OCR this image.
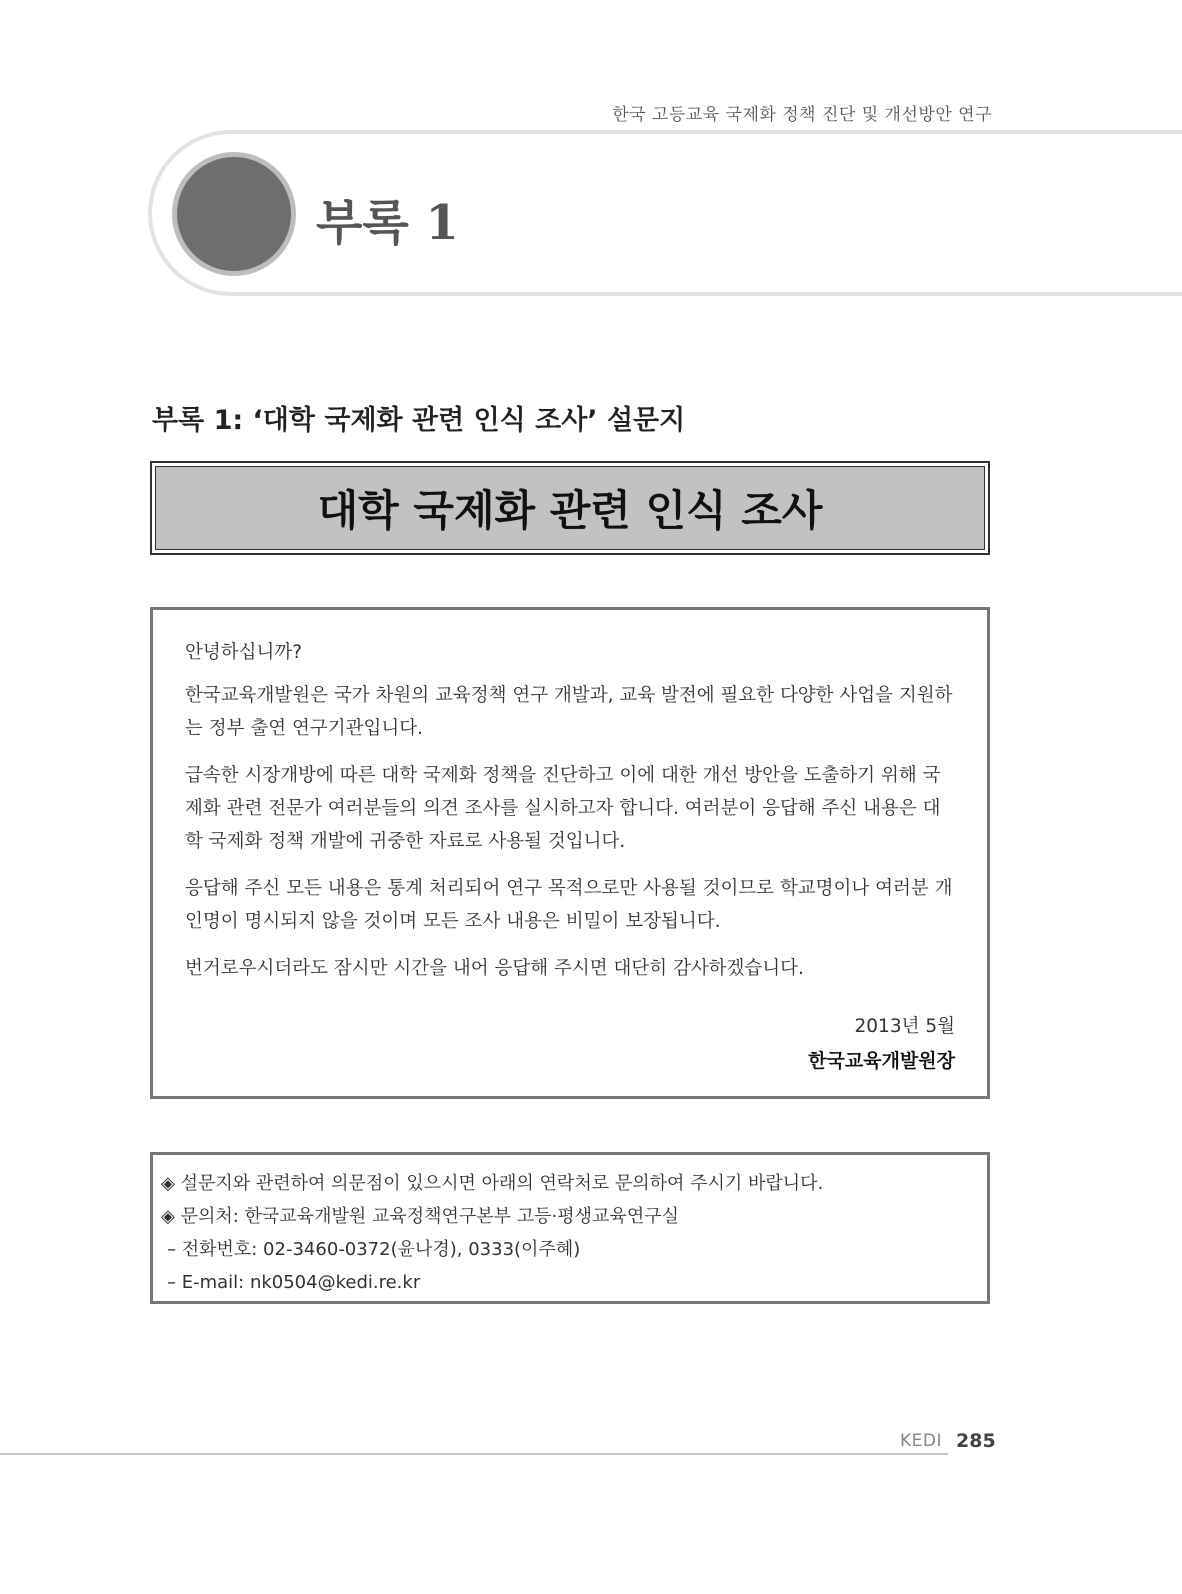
한국 고등교육 국제화 정책 진단 및 개선방안 연구
부록 1
부록 1: ‘대학 국제화 관련 인식 조사’ 설문지
대학 국제화 관련 인식 조사

안녕하십니까?

한국교육개발원은 국가 차원의 교육정책 연구 개발과, 교육 발전에 필요한 다양한 사업을 지원하는 정부 출연 연구기관입니다.

급속한 시장개방에 따른 대학 국제화 정책을 진단하고 이에 대한 개선 방안을 도출하기 위해 국제화 관련 전문가 여러분들의 의견 조사를 실시하고자 합니다. 여러분이 응답해 주신 내용은 대학 국제화 정책 개발에 귀중한 자료로 사용될 것입니다.

응답해 주신 모든 내용은 통계 처리되어 연구 목적으로만 사용될 것이므로 학교명이나 여러분 개인명이 명시되지 않을 것이며 모든 조사 내용은 비밀이 보장됩니다.

번거로우시더라도 잠시만 시간을 내어 응답해 주시면 대단히 감사하겠습니다.

2013년 5월
한국교육개발원장
◈ 설문지와 관련하여 의문점이 있으시면 아래의 연락처로 문의하여 주시기 바랍니다.
◈ 문의처: 한국교육개발원 교육정책연구본부 고등·평생교육연구실
– 전화번호: 02-3460-0372(윤나경), 0333(이주혜)
– E-mail: nk0504@kedi.re.kr
KEDI 285
